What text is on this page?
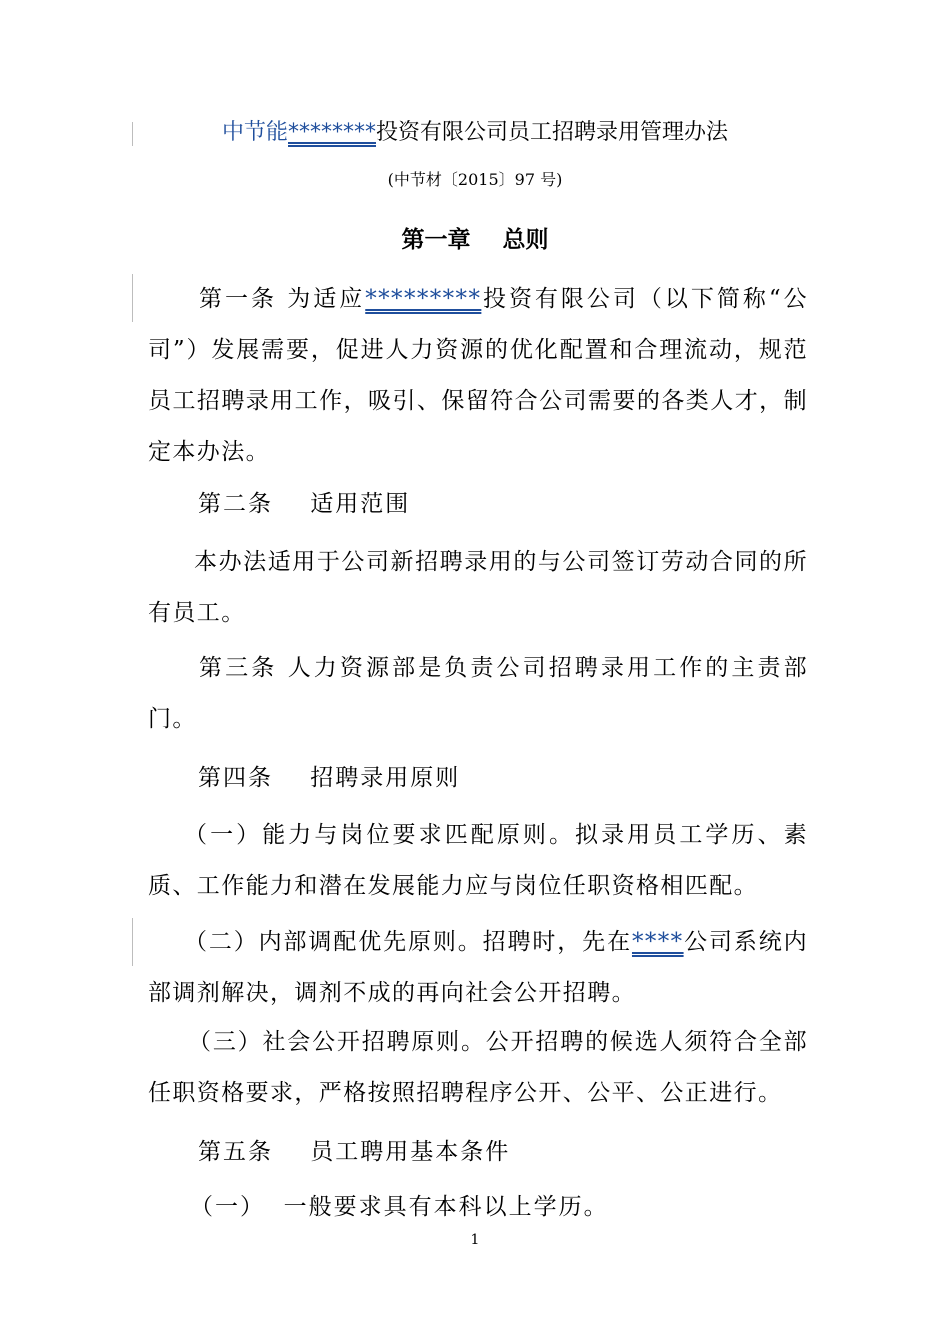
中节能********投资有限公司员工招聘录用管理办法
(中节材〔2015〕97 号)
第一章    总则

第一条 为适应*********投资有限公司（以下简称“公司”）发展需要，促进人力资源的优化配置和合理流动，规范员工招聘录用工作，吸引、保留符合公司需要的各类人才，制定本办法。

第二条    适用范围

本办法适用于公司新招聘录用的与公司签订劳动合同的所有员工。

第三条 人力资源部是负责公司招聘录用工作的主责部门。

第四条    招聘录用原则

（一）能力与岗位要求匹配原则。拟录用员工学历、素质、工作能力和潜在发展能力应与岗位任职资格相匹配。

（二）内部调配优先原则。招聘时，先在****公司系统内部调剂解决，调剂不成的再向社会公开招聘。

（三）社会公开招聘原则。公开招聘的候选人须符合全部任职资格要求，严格按照招聘程序公开、公平、公正进行。

第五条    员工聘用基本条件
（一）  一般要求具有本科以上学历。
1
